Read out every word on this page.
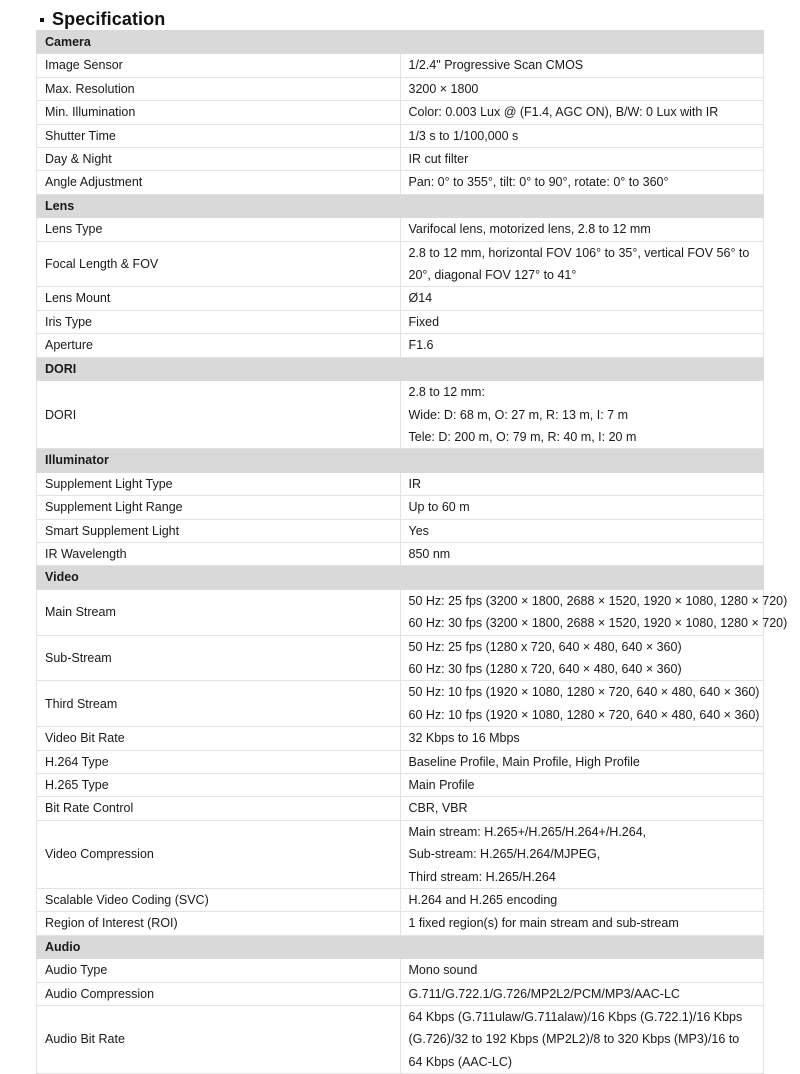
Specification
Camera	
Image Sensor	1/2.4" Progressive Scan CMOS

Max. Resolution	3200 × 1800

Min. Illumination	Color: 0.003 Lux @ (F1.4, AGC ON), B/W: 0 Lux with IR

Shutter Time	1/3 s to 1/100,000 s

Day & Night	IR cut filter

Angle Adjustment	Pan: 0° to 355°, tilt: 0° to 90°, rotate: 0° to 360°

Lens	
Lens Type	Varifocal lens, motorized lens, 2.8 to 12 mm

Focal Length & FOV	2.8 to 12 mm, horizontal FOV 106° to 35°, vertical FOV 56° to 20°, diagonal FOV 127° to 41°

Lens Mount	Ø14

Iris Type	Fixed

Aperture	F1.6

DORI	
DORI	2.8 to 12 mm:
Wide: D: 68 m, O: 27 m, R: 13 m, I: 7 m
Tele: D: 200 m, O: 79 m, R: 40 m, I: 20 m

Illuminator	
Supplement Light Type	IR

Supplement Light Range	Up to 60 m

Smart Supplement Light	Yes

IR Wavelength	850 nm

Video	
Main Stream	50 Hz: 25 fps (3200 × 1800, 2688 × 1520, 1920 × 1080, 1280 × 720)
60 Hz: 30 fps (3200 × 1800, 2688 × 1520, 1920 × 1080, 1280 × 720)

Sub-Stream	50 Hz: 25 fps (1280 x 720, 640 × 480, 640 × 360)
60 Hz: 30 fps (1280 x 720, 640 × 480, 640 × 360)

Third Stream	50 Hz: 10 fps (1920 × 1080, 1280 × 720, 640 × 480, 640 × 360)
60 Hz: 10 fps (1920 × 1080, 1280 × 720, 640 × 480, 640 × 360)

Video Bit Rate	32 Kbps to 16 Mbps

H.264 Type	Baseline Profile, Main Profile, High Profile

H.265 Type	Main Profile

Bit Rate Control	CBR, VBR

Video Compression	Main stream: H.265+/H.265/H.264+/H.264,
Sub-stream: H.265/H.264/MJPEG,
Third stream: H.265/H.264

Scalable Video Coding (SVC)	H.264 and H.265 encoding

Region of Interest (ROI)	1 fixed region(s) for main stream and sub-stream

Audio	
Audio Type	Mono sound

Audio Compression	G.711/G.722.1/G.726/MP2L2/PCM/MP3/AAC-LC

Audio Bit Rate	64 Kbps (G.711ulaw/G.711alaw)/16 Kbps (G.722.1)/16 Kbps (G.726)/32 to 192 Kbps (MP2L2)/8 to 320 Kbps (MP3)/16 to 64 Kbps (AAC-LC)
